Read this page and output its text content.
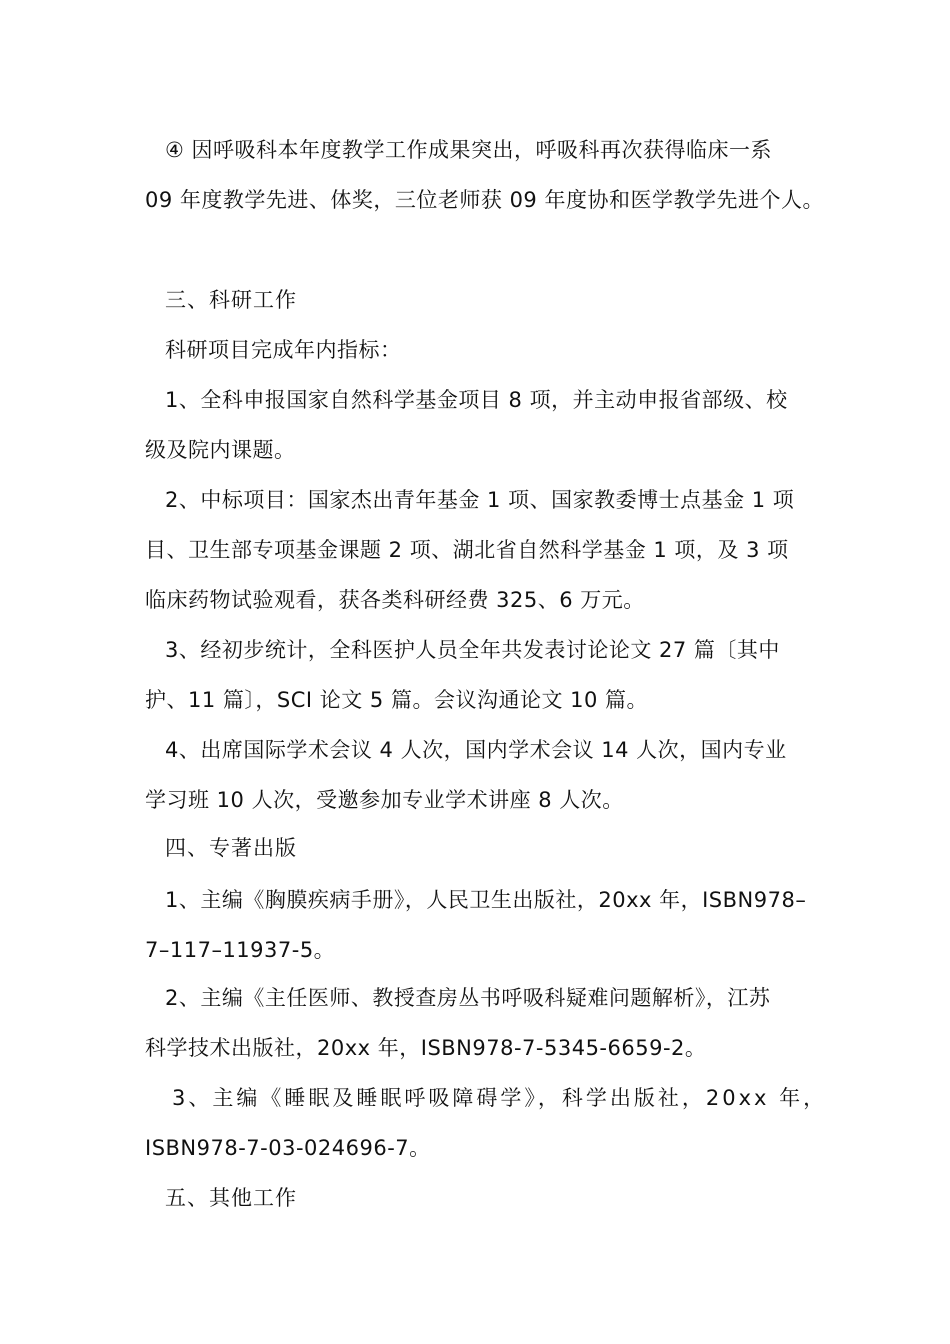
④ 因呼吸科本年度教学工作成果突出，呼吸科再次获得临床一系
09 年度教学先进、体奖，三位老师获 09 年度协和医学教学先进个人。
三、科研工作
科研项目完成年内指标：
1、全科申报国家自然科学基金项目 8 项，并主动申报省部级、校
级及院内课题。
2、中标项目：国家杰出青年基金 1 项、国家教委博士点基金 1 项
目、卫生部专项基金课题 2 项、湖北省自然科学基金 1 项，及 3 项
临床药物试验观看，获各类科研经费 325、6 万元。
3、经初步统计，全科医护人员全年共发表讨论论文 27 篇〔其中
护、11 篇〕，SCI 论文 5 篇。会议沟通论文 10 篇。
4、出席国际学术会议 4 人次，国内学术会议 14 人次，国内专业
学习班 10 人次，受邀参加专业学术讲座 8 人次。
四、专著出版
1、主编《胸膜疾病手册》，人民卫生出版社，20xx 年，ISBN978–
7–117–11937-5。
2、主编《主任医师、教授查房丛书呼吸科疑难问题解析》，江苏
科学技术出版社，20xx 年，ISBN978-7-5345-6659-2。
3、主编《睡眠及睡眠呼吸障碍学》，科学出版社，20xx 年，
ISBN978-7-03-024696-7。
五、其他工作
